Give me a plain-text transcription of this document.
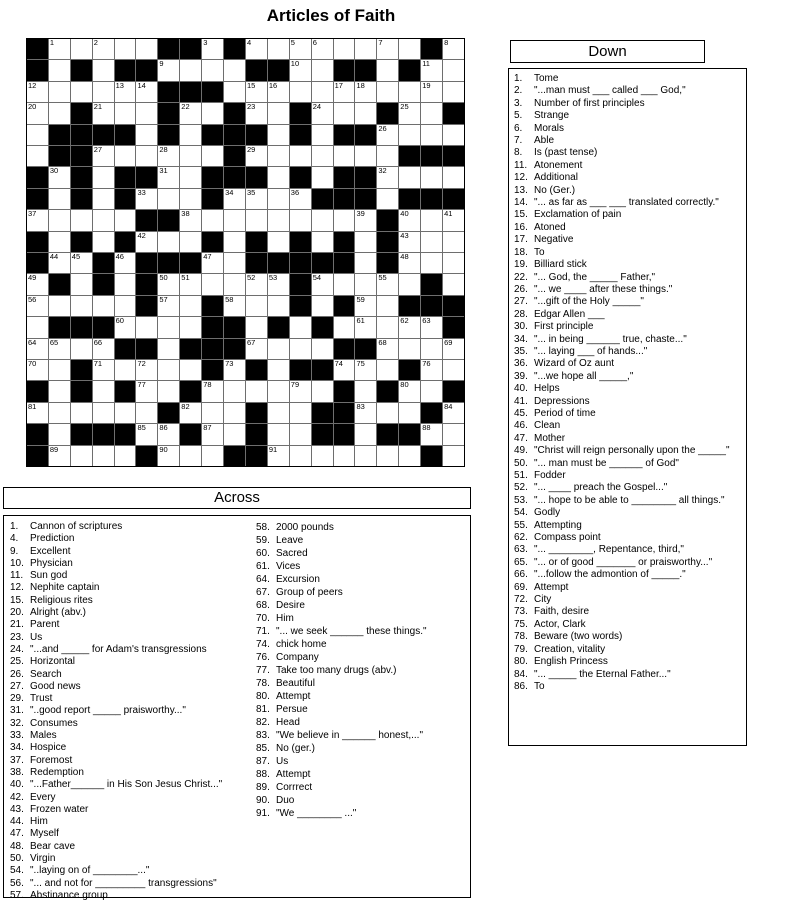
Articles of Faith
1	2	3	4	5 6	7	8
9	10	11
12	13 14	15 16	17 18	19
20	21	22	23	24	25
26
27	28	29
30	31	32
33	34 35	36
37	38	39	40	41
42	43
44 45	46	47	48
49	50 51	52 53	54	55
56	57	58	59
60	61	62 63
64 65	66	67	68	69
70	71	72	73	74 75	76
77	78	79	80
81	82	83	84
85 86	87	88
89	90	91
Across
1.	Cannon of scriptures
4.	Prediction
9.	Excellent
10. Physician
11. Sun god
12. Nephite captain
15. Religious rites
20. Alright (abv.)
21. Parent
23. Us
24. "...and _____ for Adam's transgressions
25. Horizontal
26. Search
27. Good news
29. Trust
31. "..good report _____ praisworthy..."
32. Consumes
33. Males
34. Hospice
37. Foremost
38. Redemption
40. "...Father______ in His Son Jesus Christ..."
42. Every
43. Frozen water
44. Him
47. Myself
48. Bear cave
50. Virgin
54. "..laying on of ________..."
56. "... and not for _________ transgressions"
57. Abstinance group
58. 2000 pounds
59. Leave
60. Sacred
61. Vices
64. Excursion
67. Group of peers
68. Desire
70. Him
71. "... we seek ______ these things."
74. chick home
76. Company
77. Take too many drugs (abv.)
78. Beautiful
80. Attempt
81. Persue
82. Head
83. "We believe in ______ honest,..."
85. No (ger.)
87. Us
88. Attempt
89. Corrrect
90. Duo
91. "We ________ ..."
Down
1.	Tome
2.	"...man must ___ called ___ God,"
3.	Number of first principles
5.	Strange
6.	Morals
7.	Able
8.	Is (past tense)
11. Atonement
12. Additional
13. No (Ger.)
14. "... as far as ___ ___ translated correctly."
15. Exclamation of pain
16. Atoned
17. Negative
18. To
19. Billiard stick
22. "... God, the _____ Father,"
26. "... we ____ after these things."
27. "...gift of the Holy _____"
28. Edgar Allen ___
30. First principle
34. "... in being ______ true, chaste..."
35. "... laying ___ of hands..."
36. Wizard of Oz aunt
39. "...we hope all _____,"
40. Helps
41. Depressions
45. Period of time
46. Clean
47. Mother
49. "Christ will reign personally upon the _____"
50. "... man must be ______ of God"
51. Fodder
52. "... ____ preach the Gospel..."
53. "... hope to be able to ________ all things."
54. Godly
55. Attempting
62. Compass point
63. "... ________, Repentance, third,"
65. "... or of good _______ or praisworthy..."
66. "...follow the admontion of _____."
69. Attempt
72. City
73. Faith, desire
75. Actor, Clark
78. Beware (two words)
79. Creation, vitality
80. English Princess
84. "... _____ the Eternal Father..."
86. To
